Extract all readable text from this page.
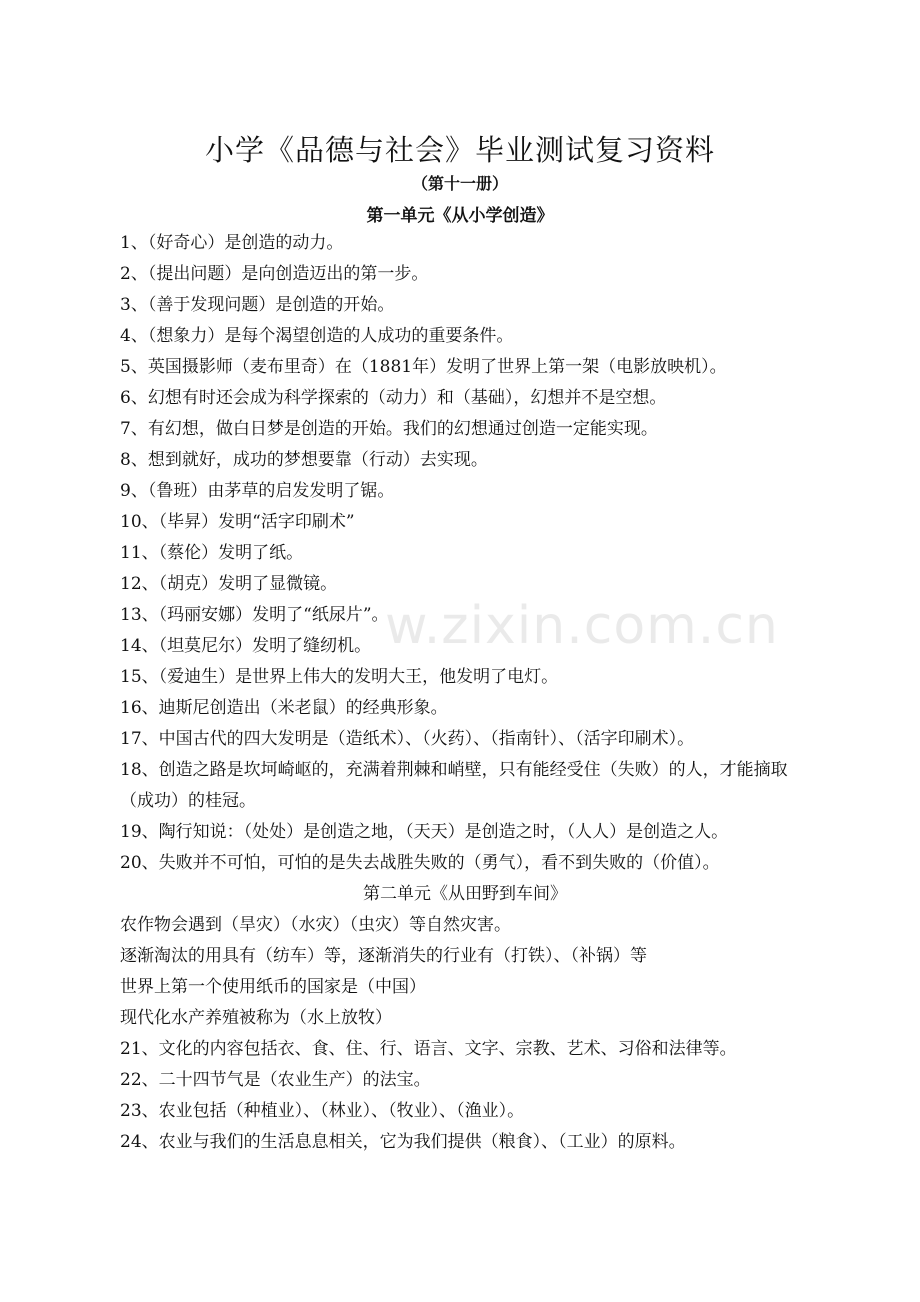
小学《品德与社会》毕业测试复习资料
（第十一册）
第一单元《从小学创造》
1、（好奇心）是创造的动力。
2、（提出问题）是向创造迈出的第一步。
3、（善于发现问题）是创造的开始。
4、（想象力）是每个渴望创造的人成功的重要条件。
5、英国摄影师（麦布里奇）在（1881年）发明了世界上第一架（电影放映机）。
6、幻想有时还会成为科学探索的（动力）和（基础），幻想并不是空想。
7、有幻想，做白日梦是创造的开始。我们的幻想通过创造一定能实现。
8、想到就好，成功的梦想要靠（行动）去实现。
9、（鲁班）由茅草的启发发明了锯。
10、（毕昇）发明“活字印刷术”
11、（蔡伦）发明了纸。
12、（胡克）发明了显微镜。
13、（玛丽安娜）发明了“纸尿片”。
14、（坦莫尼尔）发明了缝纫机。
15、（爱迪生）是世界上伟大的发明大王，他发明了电灯。
16、迪斯尼创造出（米老鼠）的经典形象。
17、中国古代的四大发明是（造纸术）、（火药）、（指南针）、（活字印刷术）。
18、创造之路是坎坷崎岖的，充满着荆棘和峭壁，只有能经受住（失败）的人，才能摘取（成功）的桂冠。
19、陶行知说：（处处）是创造之地，（天天）是创造之时，（人人）是创造之人。
20、失败并不可怕，可怕的是失去战胜失败的（勇气），看不到失败的（价值）。
第二单元《从田野到车间》
农作物会遇到（旱灾）（水灾）（虫灾）等自然灾害。
逐渐淘汰的用具有（纺车）等，逐渐消失的行业有（打铁）、（补锅）等
世界上第一个使用纸币的国家是（中国）
现代化水产养殖被称为（水上放牧）
21、文化的内容包括衣、食、住、行、语言、文字、宗教、艺术、习俗和法律等。
22、二十四节气是（农业生产）的法宝。
23、农业包括（种植业）、（林业）、（牧业）、（渔业）。
24、农业与我们的生活息息相关，它为我们提供（粮食）、（工业）的原料。
w.zixin.com.cn
